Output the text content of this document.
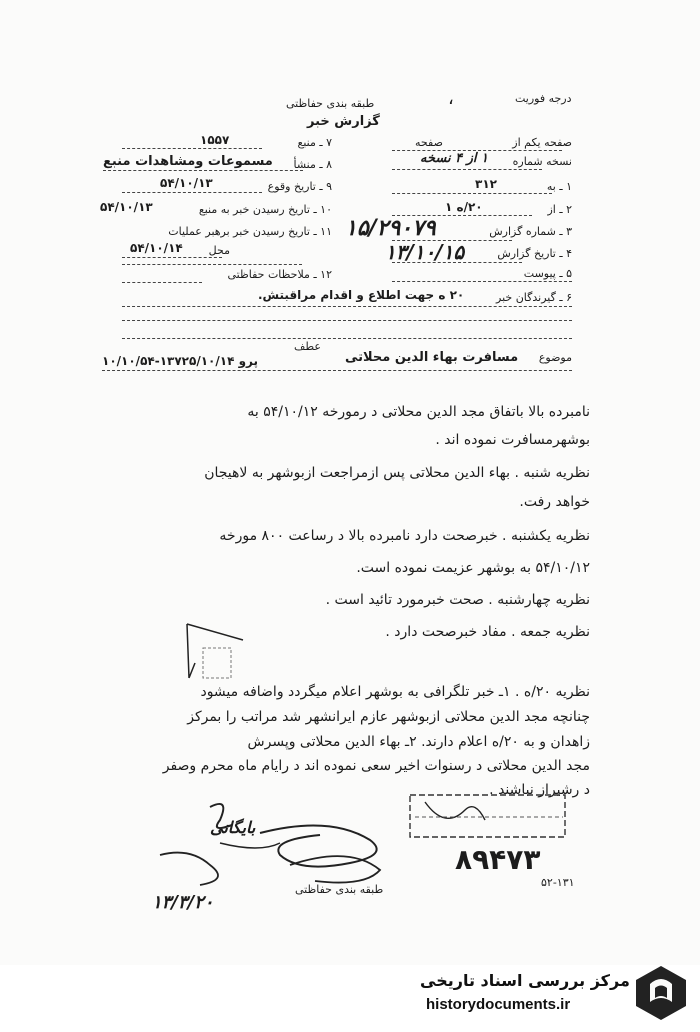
درجه فوریت
،
طبقه بندی حفاظتی
گزارش خبر
صفحه یکم از
صفحه
نسخه شماره
۱ از ۴ نسخه
۱ ـ به
۳۱۲
۲ ـ از
۲۰/ه ۱
۳ ـ شماره گزارش
۱۵/۲۹۰۷۹
۴ ـ تاریخ گزارش
۱۳/۱۰/۱۵
۵ ـ پیوست
۷ ـ منبع
۱۵۵۷
۸ ـ منشأ
مسموعات ومشاهدات منبع
۹ ـ تاریخ وقوع
۵۴/۱۰/۱۳
۱۰ ـ تاریخ رسیدن خبر به منبع
۵۴/۱۰/۱۳
۱۱ ـ تاریخ رسیدن خبر برهبر عملیات
محل
۵۴/۱۰/۱۴
۱۲ ـ ملاحظات حفاظتی
۶ ـ گیرندگان خبر
۲۰ ه جهت اطلاع و اقدام مراقبتش.
موضوع
مسافرت بهاء الدین محلاتی
عطف
پرو ۱۳۷۲۵/۱۰/۱۴-۱۰/۱۰/۵۴
نامبرده بالا باتفاق مجد الدین محلاتی د رمورخه ۵۴/۱۰/۱۲ به
بوشهرمسافرت نموده اند .
نظریه شنبه . بهاء الدین محلاتی پس ازمراجعت ازبوشهر به لاهیجان
خواهد رفت.
نظریه یکشنبه . خبرصحت دارد نامبرده بالا د رساعت ۸۰۰ مورخه
۵۴/۱۰/۱۲ به بوشهر عزیمت نموده است.
نظریه چهارشنبه . صحت خبرمورد تائید است .
نظریه جمعه . مفاد خبرصحت دارد .
نظریه ۲۰/ه . ۱ـ خبر تلگرافی به بوشهر اعلام میگردد واضافه میشود
چنانچه مجد الدین محلاتی ازبوشهر عازم ایرانشهر شد مراتب را بمرکز
زاهدان و به ۲۰/ه اعلام دارند. ۲ـ بهاء الدین محلاتی وپسرش
مجد الدین محلاتی د رسنوات اخیر سعی نموده اند د رایام ماه محرم وصفر
د رشیراز نباشند .
۸۹۴۷۳
بایگانی
۱۳/۳/۲۰
طبقه بندی حفاظتی
۵۲-۱۳۱
مرکز بررسی اسناد تاریخی
historydocuments.ir
